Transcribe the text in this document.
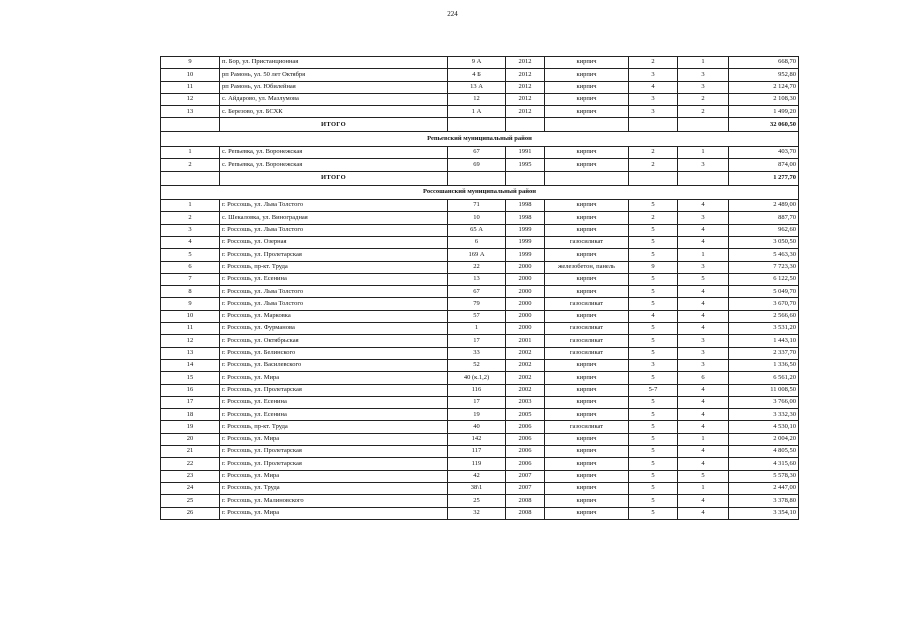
224
9	п. Бор, ул. Пристанционная	9 А	2012	кирпич	2	1	668,70
10	рп Рамонь, ул. 50 лет Октября	4 Б	2012	кирпич	3	3	952,80
11	рп Рамонь, ул. Юбилейная	13 А	2012	кирпич	4	3	2 124,70
12	с. Айдарово, ул. Мазлумова	12	2012	кирпич	3	2	2 108,30
13	с. Березово, ул. БСХК	1 А	2012	кирпич	3	2	1 499,20
	ИТОГО						32 060,50
Репьевский муниципальный район							
1	с. Репьевка, ул. Воронежская	67	1991	кирпич	2	1	403,70
2	с. Репьевка, ул. Воронежская	69	1995	кирпич	2	3	874,00
	ИТОГО						1 277,70
Россошанский муниципальный район							
1	г. Россошь, ул. Льва Толстого	71	1998	кирпич	5	4	2 489,00
2	с. Шекаловка, ул. Виноградная	10	1998	кирпич	2	3	887,70
3	г. Россошь, ул. Льва Толстого	65 А	1999	кирпич	5	4	962,60
4	г. Россошь, ул. Озерная	6	1999	газосиликат	5	4	3 050,50
5	г. Россошь, ул. Пролетарская	169 А	1999	кирпич	5	1	5 463,30
6	г. Россошь, пр-кт. Труда	22	2000	железобетон, панель	9	3	7 723,30
7	г. Россошь, ул. Есенина	13	2000	кирпич	5	5	6 122,50
8	г. Россошь, ул. Льва Толстого	67	2000	кирпич	5	4	5 049,70
9	г. Россошь, ул. Льва Толстого	79	2000	газосиликат	5	4	3 670,70
10	г. Россошь, ул. Марковка	57	2000	кирпич	4	4	2 566,60
11	г. Россошь, ул. Фурманова	1	2000	газосиликат	5	4	3 531,20
12	г. Россошь, ул. Октябрьская	17	2001	газосиликат	5	3	1 443,10
13	г. Россошь, ул. Белинского	33	2002	газосиликат	5	3	2 337,70
14	г. Россошь, ул. Василевского	52	2002	кирпич	3	3	1 336,50
15	г. Россошь, ул. Мира	40 (к.1,2)	2002	кирпич	5	6	6 561,20
16	г. Россошь, ул. Пролетарская	116	2002	кирпич	5-7	4	11 008,50
17	г. Россошь, ул. Есенина	17	2003	кирпич	5	4	3 766,00
18	г. Россошь, ул. Есенина	19	2005	кирпич	5	4	3 332,30
19	г. Россошь, пр-кт. Труда	40	2006	газосиликат	5	4	4 530,10
20	г. Россошь, ул. Мира	142	2006	кирпич	5	1	2 004,20
21	г. Россошь, ул. Пролетарская	117	2006	кирпич	5	4	4 805,50
22	г. Россошь, ул. Пролетарская	119	2006	кирпич	5	4	4 315,60
23	г. Россошь, ул. Мира	42	2007	кирпич	5	5	5 578,30
24	г. Россошь, ул. Труда	38\1	2007	кирпич	5	1	2 447,00
25	г. Россошь, ул. Малиновского	25	2008	кирпич	5	4	3 378,80
26	г. Россошь, ул. Мира	32	2008	кирпич	5	4	3 354,10
